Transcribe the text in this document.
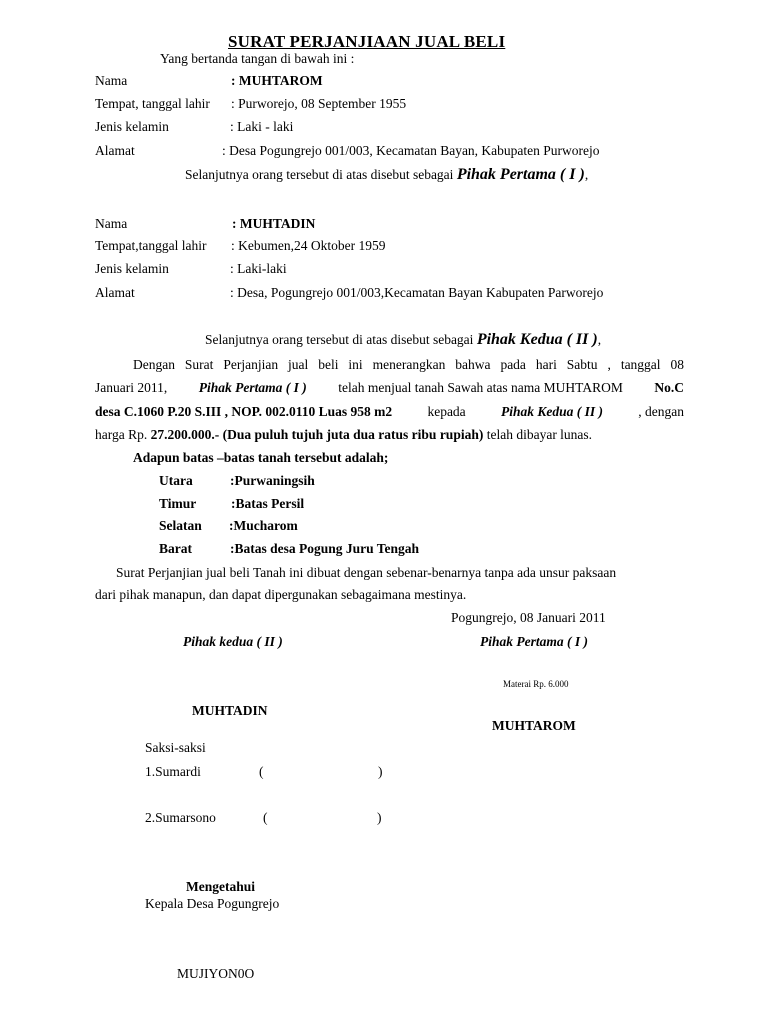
SURAT PERJANJIAAN JUAL BELI
Yang bertanda tangan di bawah ini :
Nama	: MUHTAROM
Tempat, tanggal lahir : Purworejo, 08 September 1955
Jenis kelamin	: Laki - laki
Alamat	: Desa Pogungrejo 001/003, Kecamatan Bayan, Kabupaten Purworejo
Selanjutnya orang tersebut di atas disebut sebagai Pihak Pertama ( I ),
Nama	: MUHTADIN
Tempat,tanggal lahir : Kebumen,24 Oktober 1959
Jenis kelamin	: Laki-laki
Alamat	: Desa, Pogungrejo 001/003,Kecamatan Bayan Kabupaten Parworejo
Selanjutnya orang tersebut di atas disebut sebagai Pihak Kedua ( II ),
Dengan Surat Perjanjian jual beli ini menerangkan bahwa pada hari Sabtu , tanggal 08
Januari 2011, Pihak Pertama ( I ) telah menjual tanah Sawah atas nama MUHTAROM No.C
desa C.1060 P.20 S.III , NOP. 002.0110 Luas 958 m2	kepada	Pihak Kedua ( II )	, dengan
harga Rp. 27.200.000.- (Dua puluh tujuh juta dua ratus ribu rupiah) telah dibayar lunas.
Adapun batas –batas tanah tersebut adalah;
Utara	:Purwaningsih
Timur	:Batas Persil
Selatan :Mucharom
Barat	:Batas desa Pogung Juru Tengah
Surat Perjanjian jual beli Tanah ini dibuat dengan sebenar-benarnya tanpa ada unsur paksaan
dari pihak manapun, dan dapat dipergunakan sebagaimana mestinya.
Pogungrejo, 08 Januari 2011
Pihak kedua ( II )	Pihak Pertama ( I )
Materai Rp. 6.000
MUHTADIN
MUHTAROM
Saksi-saksi
1.Sumardi	(	)
2.Sumarsono	(	)
Mengetahui
Kepala Desa Pogungrejo
MUJIYON0O
